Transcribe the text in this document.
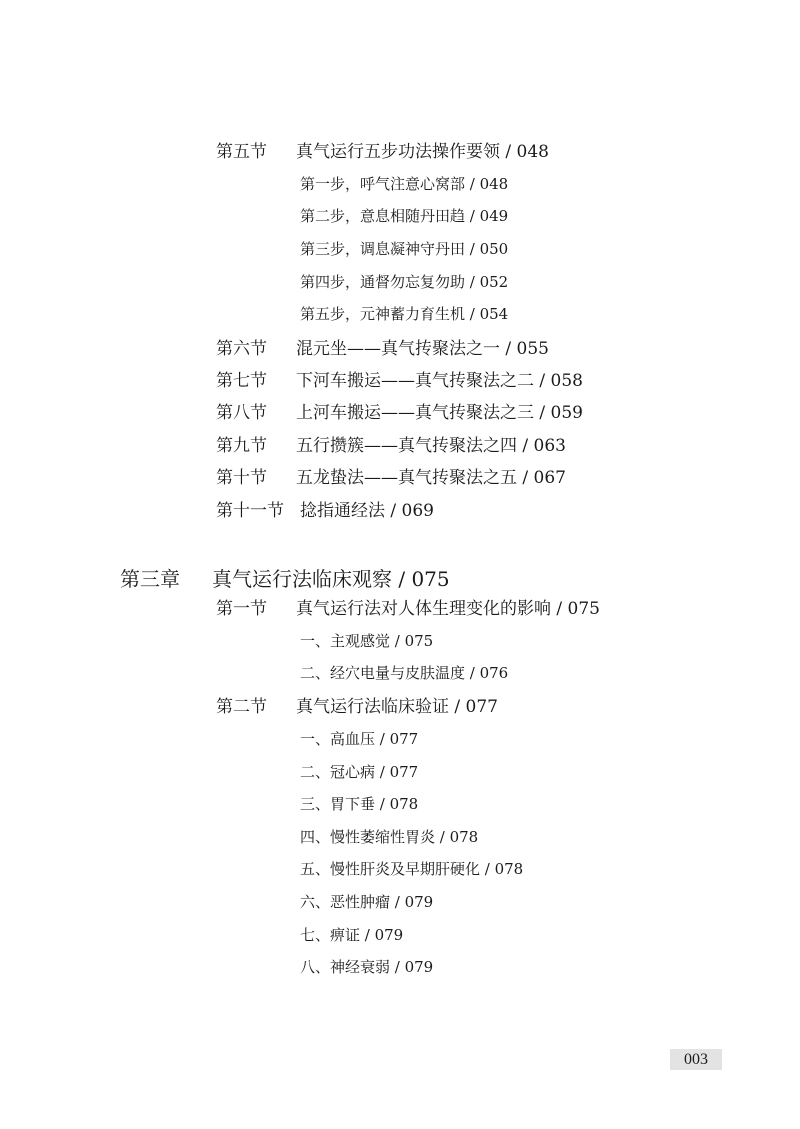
第五节 真气运行五步功法操作要领 / 048
第一步，呼气注意心窝部 / 048
第二步，意息相随丹田趋 / 049
第三步，调息凝神守丹田 / 050
第四步，通督勿忘复勿助 / 052
第五步，元神蓄力育生机 / 054
第六节 混元坐——真气抟聚法之一 / 055
第七节 下河车搬运——真气抟聚法之二 / 058
第八节 上河车搬运——真气抟聚法之三 / 059
第九节 五行攒簇——真气抟聚法之四 / 063
第十节 五龙蛰法——真气抟聚法之五 / 067
第十一节 捻指通经法 / 069
第三章 真气运行法临床观察 / 075
第一节 真气运行法对人体生理变化的影响 / 075
一、主观感觉 / 075
二、经穴电量与皮肤温度 / 076
第二节 真气运行法临床验证 / 077
一、高血压 / 077
二、冠心病 / 077
三、胃下垂 / 078
四、慢性萎缩性胃炎 / 078
五、慢性肝炎及早期肝硬化 / 078
六、恶性肿瘤 / 079
七、痹证 / 079
八、神经衰弱 / 079
003
